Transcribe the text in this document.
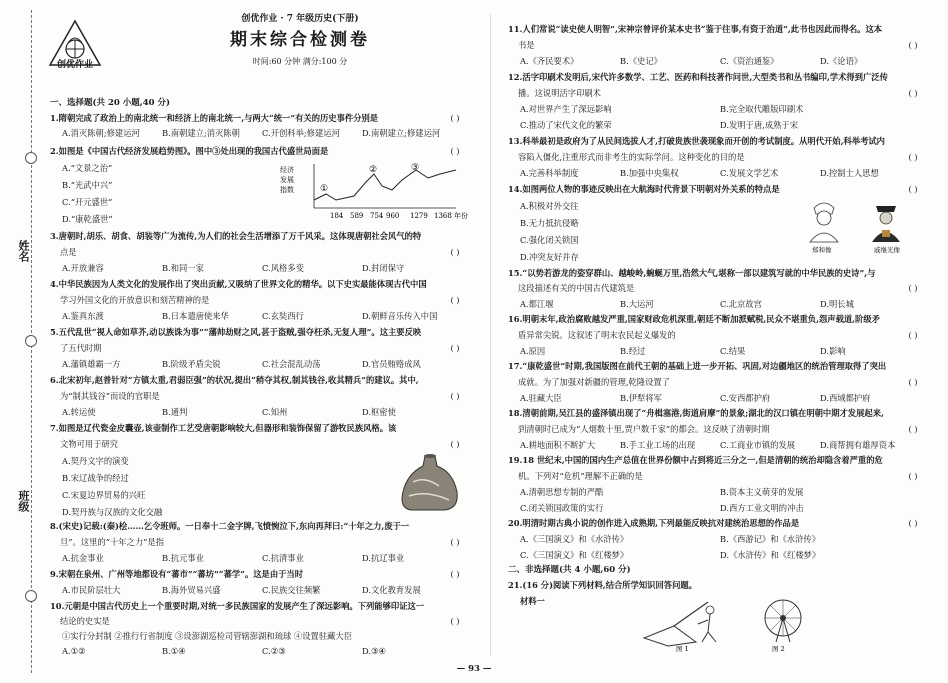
姓名
班级
创优作业
创优作业 · 7 年级历史(下册)
期末综合检测卷
时间:60 分钟 满分:100 分
一、选择题(共 20 小题,40 分)
1.隋朝完成了政治上的南北统一和经济上的南北统一,与两大“统一”有关的历史事件分别是	( )
A.消灭陈朝;修建运河	B.南朝建立;消灭陈朝	C.开创科举;修建运河	D.南朝建立;修建运河
2.如图是《中国古代经济发展趋势图》。图中③处出现的我国古代盛世局面是	( )
A.“文景之治”
B.“光武中兴”
C.“开元盛世”
D.“康乾盛世”
经济
发展
指数	①
②	③
184 589 754 960 1279 1368 年份
3.唐朝时,胡乐、胡食、胡装等广为流传,为人们的社会生活增添了万千风采。这体现唐朝社会风气的特
点是	( )
A.开放兼容	B.和同一家	C.风格多变	D.封闭保守
4.中华民族因为人类文化的发展作出了突出贡献,又吸纳了世界文化的精华。以下史实最能体现古代中国
学习外国文化的开放意识和刻苦精神的是	( )
A.鉴真东渡	B.日本遣唐使来华	C.玄奘西行	D.朝鲜音乐传入中国
5.五代乱世“视人命如草芥,动以族诛为事”“藩帅劫财之风,甚于盗贼,强夺枉杀,无复人理”。这主要反映
了五代时期	( )
A.藩镇雄霸一方	B.阶级矛盾尖锐	C.社会混乱动荡	D.官员贿赂成风
6.北宋初年,赵普针对“方镇太重,君弱臣强”的状况,提出“稍夺其权,制其钱谷,收其精兵”的建议。其中,
为“制其钱谷”而设的官职是	( )
A.转运使	B.通判	C.知州	D.枢密使
7.如图是辽代瓷金皮囊壶,该壶制作工艺受唐朝影响较大,但器形和装饰保留了游牧民族风格。该
文物可用于研究	( )
A.契丹文字的演变
B.宋辽战争的经过
C.宋夏边界贸易的兴旺
D.契丹族与汉族的文化交融
8.(宋史)记载:(秦)桧……乞令班师。一日奉十二金字牌,飞愤惋泣下,东向再拜曰:“十年之力,废于一
旦”。这里的“十年之力”是指	( )
A.抗金事业	B.抗元事业	C.抗清事业	D.抗辽事业
9.宋朝在泉州、广州等地都设有“蕃市”“蕃坊”“蕃学”。这是由于当时	( )
A.市民阶层壮大	B.海外贸易兴盛	C.民族交往频繁	D.文化教育发展
10.元朝是中国古代历史上一个重要时期,对统一多民族国家的发展产生了深远影响。下列能够印证这一
结论的史实是	( )
①实行分封制 ②推行行省制度 ③设澎湖巡检司管辖澎湖和琉球 ④设置驻藏大臣
A.①②	B.①④	C.②③	D.③④
11.人们常说“读史使人明智”,宋神宗曾评价某本史书“鉴于往事,有资于治道”,此书也因此而得名。这本
书是	( )
A.《齐民要术》	B.《史记》	C.《资治通鉴》	D.《论语》
12.活字印刷术发明后,宋代许多数学、工艺、医药和科技著作问世,大型类书和丛书编印,学术得到广泛传
播。这说明活字印刷术	( )
A.对世界产生了深远影响	B.完全取代雕版印刷术
C.推动了宋代文化的繁荣	D.发明于唐,成熟于宋
13.科举最初是政府为了从民间选拔人才,打破贵族世袭现象而开创的考试制度。从明代开始,科举考试内
容陷入僵化,注重形式而非考生的实际学问。这种变化的目的是	( )
A.完善科举制度	B.加强中央集权	C.发展文学艺术	D.控制士人思想
14.如图两位人物的事迹反映出在大航海时代背景下明朝对外关系的特点是	( )
A.积极对外交往
B.无力抵抗侵略
C.强化闭关锁国
D.冲突友好并存
郑和像	戚继光像
15.“以势若游龙的姿穿群山、越峻岭,蜿蜒万里,浩然大气,堪称一部以建筑写就的中华民族的史诗”,与
这段描述有关的中国古代建筑是	( )
A.都江堰	B.大运河	C.北京故宫	D.明长城
16.明朝末年,政治腐败越发严重,国家财政危机深重,朝廷不断加派赋税,民众不堪重负,怨声载道,阶级矛
盾异常尖锐。这叙述了明末农民起义爆发的	( )
A.原因	B.经过	C.结果	D.影响
17.“康乾盛世”时期,我国版图在前代王朝的基础上进一步开拓、巩固,对边疆地区的统治管理取得了突出
成就。为了加强对新疆的管理,乾隆设置了	( )
A.驻藏大臣	B.伊犁将军	C.安西都护府	D.西域都护府
18.清朝前期,吴江县的盛泽镇出现了“舟楫塞港,街道肩摩”的景象;湖北的汉口镇在明朝中期才发展起来,
到清朝时已成为“人烟数十里,贾户数千家”的都会。这反映了清朝时期	( )
A.耕地面积不断扩大	B.手工业工场的出现	C.工商业市镇的发展	D.商帮拥有雄厚资本
19.18 世纪末,中国的国内生产总值在世界份额中占到将近三分之一,但是清朝的统治却隐含着严重的危
机。下列对“危机”理解不正确的是	( )
A.清朝思想专制的严酷	B.资本主义萌芽的发展
C.闭关锁国政策的实行	D.西方工业文明的冲击
20.明清时期古典小说的创作进入成熟期,下列最能反映抗对建统治思想的作品是	( )
A.《三国演义》和《水浒传》	B.《西游记》和《水浒传》
C.《三国演义》和《红楼梦》	D.《水浒传》和《红楼梦》
二、非选择题(共 4 小题,60 分)
21.(16 分)阅读下列材料,结合所学知识回答问题。
材料一
图 1	图 2
— 93 —
